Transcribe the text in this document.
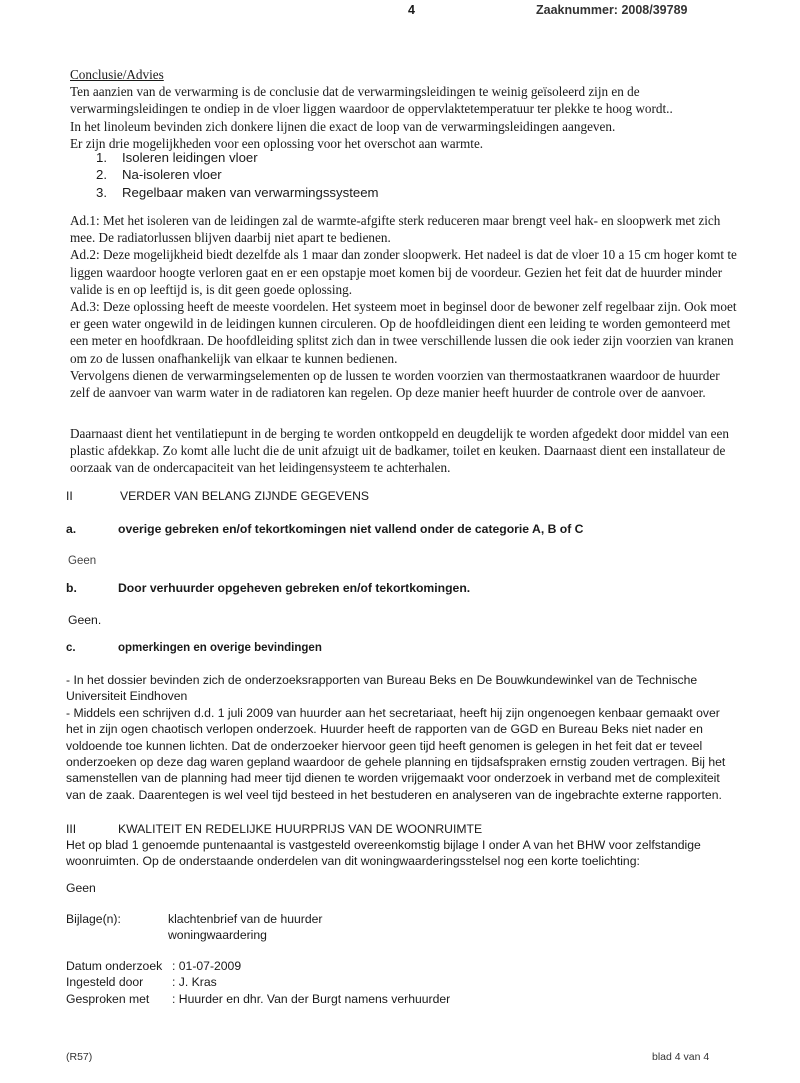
4	Zaaknummer: 2008/39789

Conclusie/Advies

Ten aanzien van de verwarming is de conclusie dat de verwarmingsleidingen te weinig geïsoleerd zijn en de verwarmingsleidingen te ondiep in de vloer liggen waardoor de oppervlaktetemperatuur ter plekke te hoog wordt..

In het linoleum bevinden zich donkere lijnen die exact de loop van de verwarmingsleidingen aangeven.

Er zijn drie mogelijkheden voor een oplossing voor het overschot aan warmte.

1.	Isoleren leidingen vloer
2.	Na-isoleren vloer
3.	Regelbaar maken van verwarmingssysteem

Ad.1: Met het isoleren van de leidingen zal de warmte-afgifte sterk reduceren maar brengt veel hak- en sloopwerk met zich mee. De radiatorlussen blijven daarbij niet apart te bedienen.

Ad.2: Deze mogelijkheid biedt dezelfde als 1 maar dan zonder sloopwerk. Het nadeel is dat de vloer 10 a 15 cm hoger komt te liggen waardoor hoogte verloren gaat en er een opstapje moet komen bij de voordeur. Gezien het feit dat de huurder minder valide is en op leeftijd is, is dit geen goede oplossing.

Ad.3: Deze oplossing heeft de meeste voordelen. Het systeem moet in beginsel door de bewoner zelf regelbaar zijn. Ook moet er geen water ongewild in de leidingen kunnen circuleren. Op de hoofdleidingen dient een leiding te worden gemonteerd met een meter en hoofdkraan. De hoofdleiding splitst zich dan in twee verschillende lussen die ook ieder zijn voorzien van kranen om zo de lussen onafhankelijk van elkaar te kunnen bedienen.

Vervolgens dienen de verwarmingselementen op de lussen te worden voorzien van thermostaatkranen waardoor de huurder zelf de aanvoer van warm water in de radiatoren kan regelen. Op deze manier heeft huurder de controle over de aanvoer.

Daarnaast dient het ventilatiepunt in de berging te worden ontkoppeld en deugdelijk te worden afgedekt door middel van een plastic afdekkap. Zo komt alle lucht die de unit afzuigt uit de badkamer, toilet en keuken. Daarnaast dient een installateur de oorzaak van de ondercapaciteit van het leidingensysteem te achterhalen.
II	VERDER VAN BELANG ZIJNDE GEGEVENS
a.	overige gebreken en/of tekortkomingen niet vallend onder de categorie A, B of C
Geen
b.	Door verhuurder opgeheven gebreken en/of tekortkomingen.
Geen.
c.	opmerkingen en overige bevindingen

- In het dossier bevinden zich de onderzoeksrapporten van Bureau Beks en De Bouwkundewinkel van de Technische Universiteit Eindhoven

- Middels een schrijven d.d. 1 juli 2009 van huurder aan het secretariaat, heeft hij zijn ongenoegen kenbaar gemaakt over het in zijn ogen chaotisch verlopen onderzoek. Huurder heeft de rapporten van de GGD en Bureau Beks niet nader en voldoende toe kunnen lichten. Dat de onderzoeker hiervoor geen tijd heeft genomen is gelegen in het feit dat er teveel onderzoeken op deze dag waren gepland waardoor de gehele planning en tijdsafspraken ernstig zouden vertragen. Bij het samenstellen van de planning had meer tijd dienen te worden vrijgemaakt voor onderzoek in verband met de complexiteit van de zaak. Daarentegen is wel veel tijd besteed in het bestuderen en analyseren van de ingebrachte externe rapporten.

III	KWALITEIT EN REDELIJKE HUURPRIJS VAN DE WOONRUIMTE
Het op blad 1 genoemde puntenaantal is vastgesteld overeenkomstig bijlage I onder A van het BHW voor zelfstandige woonruimten. Op de onderstaande onderdelen van dit woningwaarderingsstelsel nog een korte toelichting:
Geen
Bijlage(n):	klachtenbrief van de huurder

woningwaardering

Datum onderzoek : 01-07-2009
Ingesteld door	: J. Kras
Gesproken met	: Huurder en dhr. Van der Burgt namens verhuurder
(R57)	blad 4 van 4
